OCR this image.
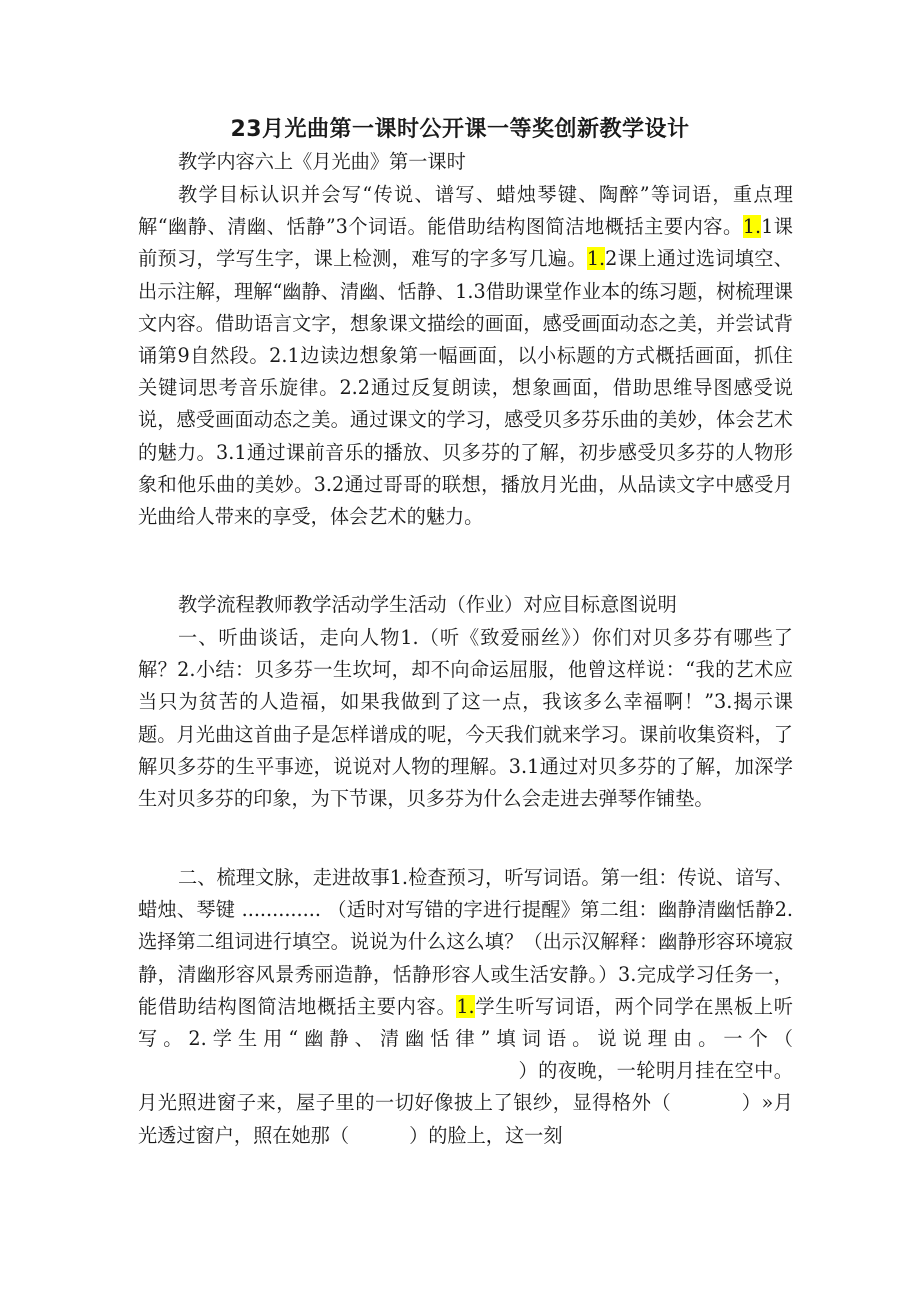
23月光曲第一课时公开课一等奖创新教学设计

教学内容六上《月光曲》第一课时

教学目标认识并会写“传说、谱写、蜡烛琴键、陶醉”等词语，重点理解“幽静、清幽、恬静”3个词语。能借助结构图简洁地概括主要内容。1.1课前预习，学写生字，课上检测，难写的字多写几遍。1.2课上通过选词填空、出示注解，理解“幽静、清幽、恬静、1.3借助课堂作业本的练习题，树梳理课文内容。借助语言文字，想象课文描绘的画面，感受画面动态之美，并尝试背诵第9自然段。2.1边读边想象第一幅画面，以小标题的方式概括画面，抓住关键词思考音乐旋律。2.2通过反复朗读，想象画面，借助思维导图感受说说，感受画面动态之美。通过课文的学习，感受贝多芬乐曲的美妙，体会艺术的魅力。3.1通过课前音乐的播放、贝多芬的了解，初步感受贝多芬的人物形象和他乐曲的美妙。3.2通过哥哥的联想，播放月光曲，从品读文字中感受月光曲给人带来的享受，体会艺术的魅力。

教学流程教师教学活动学生活动（作业）对应目标意图说明

一、听曲谈话，走向人物1.（听《致爱丽丝》）你们对贝多芬有哪些了解？2.小结：贝多芬一生坎坷，却不向命运屈服，他曾这样说：“我的艺术应当只为贫苦的人造福，如果我做到了这一点，我该多么幸福啊！”3.揭示课题。月光曲这首曲子是怎样谱成的呢，今天我们就来学习。课前收集资料，了解贝多芬的生平事迹，说说对人物的理解。3.1通过对贝多芬的了解，加深学生对贝多芬的印象，为下节课，贝多芬为什么会走进去弹琴作铺垫。

二、梳理文脉，走进故事1.检查预习，听写词语。第一组：传说、谙写、蜡烛、琴键 ............. （适时对写错的字进行提醒》第二组：幽静清幽恬静2.选择第二组词进行填空。说说为什么这么填？（出示汉解释：幽静形容环境寂静，清幽形容风景秀丽造静，恬静形容人或生活安静。）3.完成学习任务一，能借助结构图简洁地概括主要内容。1.学生听写词语，两个同学在黑板上听写。2.学生用“幽静、清幽恬律”填词语。说说理由。一个（）的夜晚，一轮明月挂在空中。月光照进窗子来，屋子里的一切好像披上了银纱，显得格外（	）»月光透过窗户，照在她那（	）的脸上，这一刻
